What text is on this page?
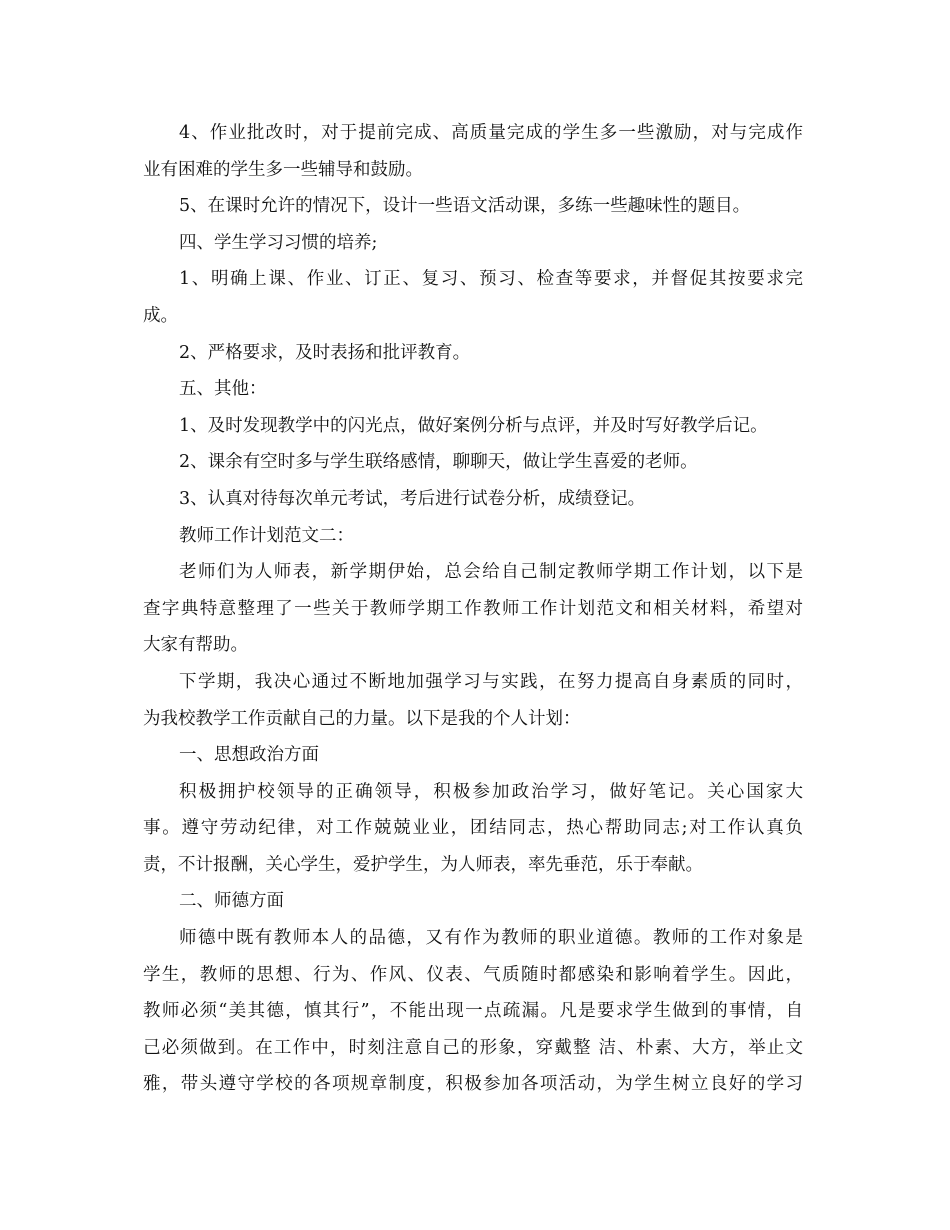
4、作业批改时，对于提前完成、高质量完成的学生多一些激励，对与完成作
业有困难的学生多一些辅导和鼓励。
5、在课时允许的情况下，设计一些语文活动课，多练一些趣味性的题目。
四、学生学习习惯的培养;
1、明确上课、作业、订正、复习、预习、检查等要求，并督促其按要求完
成。
2、严格要求，及时表扬和批评教育。
五、其他：
1、及时发现教学中的闪光点，做好案例分析与点评，并及时写好教学后记。
2、课余有空时多与学生联络感情，聊聊天，做让学生喜爱的老师。
3、认真对待每次单元考试，考后进行试卷分析，成绩登记。
教师工作计划范文二：
老师们为人师表，新学期伊始，总会给自己制定教师学期工作计划，以下是
查字典特意整理了一些关于教师学期工作教师工作计划范文和相关材料，希望对
大家有帮助。
下学期，我决心通过不断地加强学习与实践，在努力提高自身素质的同时，
为我校教学工作贡献自己的力量。以下是我的个人计划：
一、思想政治方面
积极拥护校领导的正确领导，积极参加政治学习，做好笔记。关心国家大
事。遵守劳动纪律，对工作兢兢业业，团结同志，热心帮助同志;对工作认真负
责，不计报酬，关心学生，爱护学生，为人师表，率先垂范，乐于奉献。
二、师德方面
师德中既有教师本人的品德，又有作为教师的职业道德。教师的工作对象是
学生，教师的思想、行为、作风、仪表、气质随时都感染和影响着学生。因此，
教师必须“美其德，慎其行”，不能出现一点疏漏。凡是要求学生做到的事情，自
己必须做到。在工作中，时刻注意自己的形象，穿戴整 洁、朴素、大方，举止文
雅，带头遵守学校的各项规章制度，积极参加各项活动，为学生树立良好的学习
